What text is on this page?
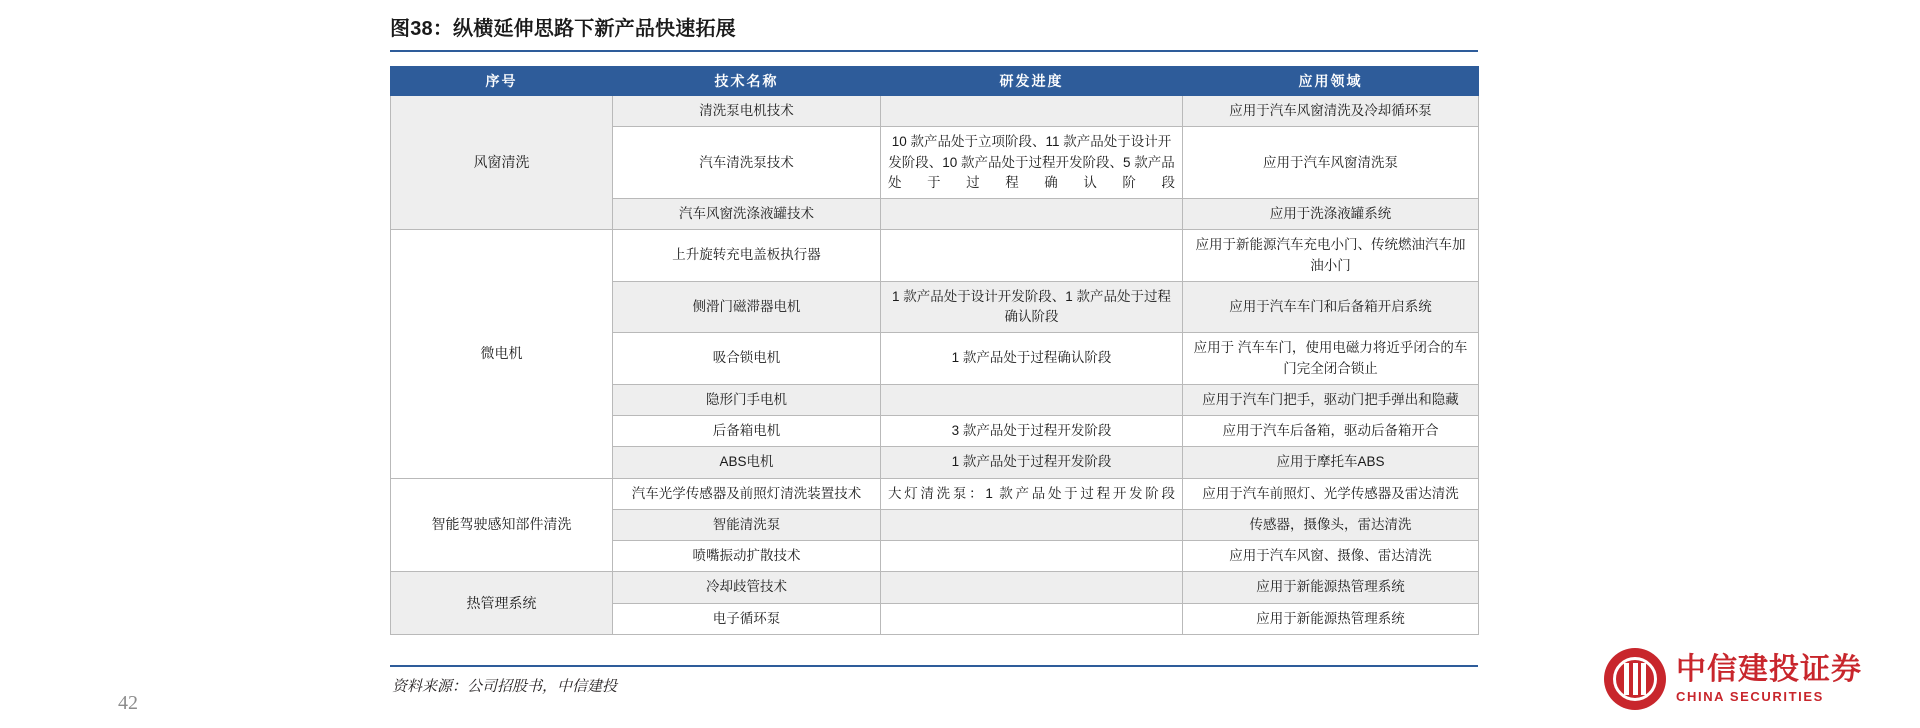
图38：纵横延伸思路下新产品快速拓展
序号	技术名称	研发进度	应用领域
风窗清洗	清洗泵电机技术		应用于汽车风窗清洗及冷却循环泵
	汽车清洗泵技术	10 款产品处于立项阶段、11 款产品处于设计开发阶段、10 款产品处于过程开发阶段、5 款产品处于过程确认阶段	应用于汽车风窗清洗泵
	汽车风窗洗涤液罐技术		应用于洗涤液罐系统
微电机	上升旋转充电盖板执行器		应用于新能源汽车充电小门、传统燃油汽车加油小门
	侧滑门磁滞器电机	1 款产品处于设计开发阶段、1 款产品处于过程确认阶段	应用于汽车车门和后备箱开启系统
	吸合锁电机	1 款产品处于过程确认阶段	应用于 汽车车门，使用电磁力将近乎闭合的车门完全闭合锁止
	隐形门手电机		应用于汽车门把手，驱动门把手弹出和隐藏
	后备箱电机	3 款产品处于过程开发阶段	应用于汽车后备箱，驱动后备箱开合
	ABS电机	1 款产品处于过程开发阶段	应用于摩托车ABS
智能驾驶感知部件清洗	汽车光学传感器及前照灯清洗装置技术	大灯清洗泵：1 款产品处于过程开发阶段	应用于汽车前照灯、光学传感器及雷达清洗
	智能清洗泵		传感器，摄像头，雷达清洗
	喷嘴振动扩散技术		应用于汽车风窗、摄像、雷达清洗
热管理系统	冷却歧管技术		应用于新能源热管理系统
	电子循环泵		应用于新能源热管理系统
资料来源：公司招股书，中信建投
42
中信建投证券
CHINA SECURITIES
